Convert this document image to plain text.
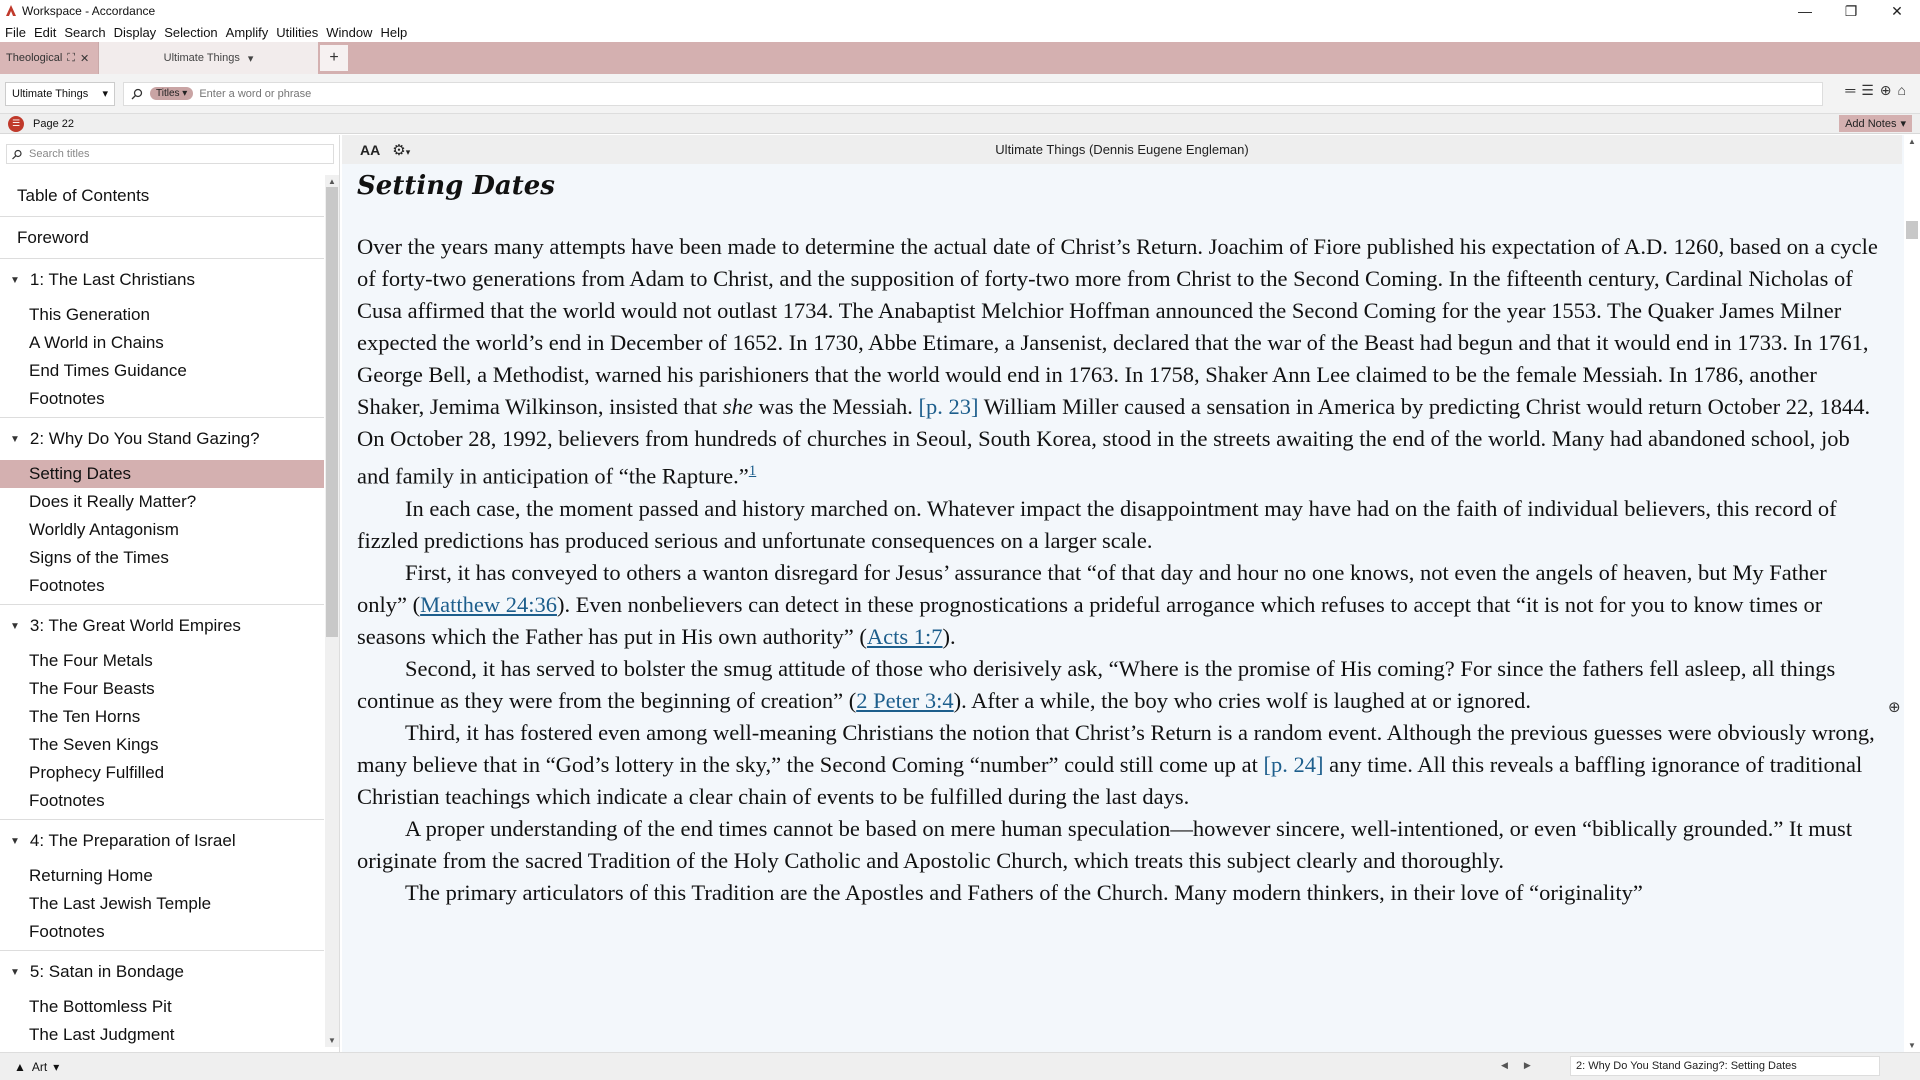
Workspace - Accordance	—	❐	✕
File Edit Search Display Selection Amplify Utilities Window Help
Theological ⛶ ✕	Ultimate Things ▾	+
Ultimate Things ▾	Titles ▾
Enter a word or phrase	═ ☰ ⊕ ⌂
☰	Page 22	Add Notes ▾
Search titles
Table of Contents
Foreword
▼ 1: The Last Christians
This Generation
A World in Chains
End Times Guidance
Footnotes
▼ 2: Why Do You Stand Gazing?
Setting Dates
Does it Really Matter?
Worldly Antagonism
Signs of the Times
Footnotes
▼ 3: The Great World Empires
The Four Metals
The Four Beasts
The Ten Horns
The Seven Kings
Prophecy Fulfilled
Footnotes
▼ 4: The Preparation of Israel
Returning Home
The Last Jewish Temple
Footnotes
▼ 5: Satan in Bondage
The Bottomless Pit
The Last Judgment
▲
▼
AA ⚙▾	Ultimate Things (Dennis Eugene Engleman)
Setting Dates

Over the years many attempts have been made to determine the actual date of Christ’s Return. Joachim of Fiore published his expectation of A.D. 1260, based on a cycle of forty-two generations from Adam to Christ, and the supposition of forty-two more from Christ to the Second Coming. In the fifteenth century, Cardinal Nicholas of Cusa affirmed that the world would not outlast 1734. The Anabaptist Melchior Hoffman announced the Second Coming for the year 1553. The Quaker James Milner expected the world’s end in December of 1652. In 1730, Abbe Etimare, a Jansenist, declared that the war of the Beast had begun and that it would end in 1733. In 1761, George Bell, a Methodist, warned his parishioners that the world would end in 1763. In 1758, Shaker Ann Lee claimed to be the female Messiah. In 1786, another Shaker, Jemima Wilkinson, insisted that she was the Messiah. [p. 23] William Miller caused a sensation in America by predicting Christ would return October 22, 1844. On October 28, 1992, believers from hundreds of churches in Seoul, South Korea, stood in the streets awaiting the end of the world. Many had abandoned school, job and family in anticipation of “the Rapture.”$^1$

In each case, the moment passed and history marched on. Whatever impact the disappointment may have had on the faith of individual believers, this record of fizzled predictions has produced serious and unfortunate consequences on a larger scale.

First, it has conveyed to others a wanton disregard for Jesus’ assurance that “of that day and hour no one knows, not even the angels of heaven, but My Father only” (Matthew 24:36). Even nonbelievers can detect in these prognostications a prideful arrogance which refuses to accept that “it is not for you to know times or seasons which the Father has put in His own authority” (Acts 1:7).

Second, it has served to bolster the smug attitude of those who derisively ask, “Where is the promise of His coming? For since the fathers fell asleep, all things continue as they were from the beginning of creation” (2 Peter 3:4). After a while, the boy who cries wolf is laughed at or ignored.

Third, it has fostered even among well-meaning Christians the notion that Christ’s Return is a random event. Although the previous guesses were obviously wrong, many believe that in “God’s lottery in the sky,” the Second Coming “number” could still come up at [p. 24] any time. All this reveals a baffling ignorance of traditional Christian teachings which indicate a clear chain of events to be fulfilled during the last days.

A proper understanding of the end times cannot be based on mere human speculation—however sincere, well-intentioned, or even “biblically grounded.” It must originate from the sacred Tradition of the Holy Catholic and Apostolic Church, which treats this subject clearly and thoroughly.

The primary articulators of this Tradition are the Apostles and Fathers of the Church. Many modern thinkers, in their love of “originality”

⊕
▲
▼
▲ Art ▾	◀ ▶	2: Why Do You Stand Gazing?: Setting Dates
